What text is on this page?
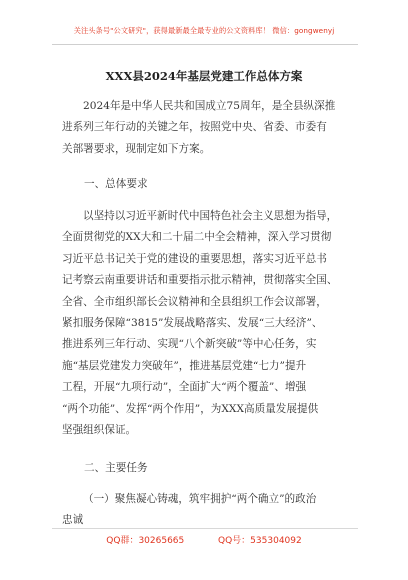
关注头条号"公文研究"，获得最新最全最专业的公文资料库！ 微信：gongwenyj
XXX县2024年基层党建工作总体方案
2024年是中华人民共和国成立75周年，是全县纵深推
进系列三年行动的关键之年，按照党中央、省委、市委有
关部署要求，现制定如下方案。
一、总体要求
以坚持以习近平新时代中国特色社会主义思想为指导，
全面贯彻党的XX大和二十届二中全会精神，深入学习贯彻
习近平总书记关于党的建设的重要思想，落实习近平总书
记考察云南重要讲话和重要指示批示精神，贯彻落实全国、
全省、全市组织部长会议精神和全县组织工作会议部署，
紧扣服务保障“3815”发展战略落实、发展“三大经济”、
推进系列三年行动、实现“八个新突破”等中心任务，实
施“基层党建发力突破年”，推进基层党建“七力”提升
工程，开展“九项行动”，全面扩大“两个覆盖”、增强
“两个功能”、发挥“两个作用”，为XXX高质量发展提供
坚强组织保证。
二、主要任务
（一）聚焦凝心铸魂，筑牢拥护“两个确立”的政治
忠诚
QQ群：30265665	QQ号：535304092
